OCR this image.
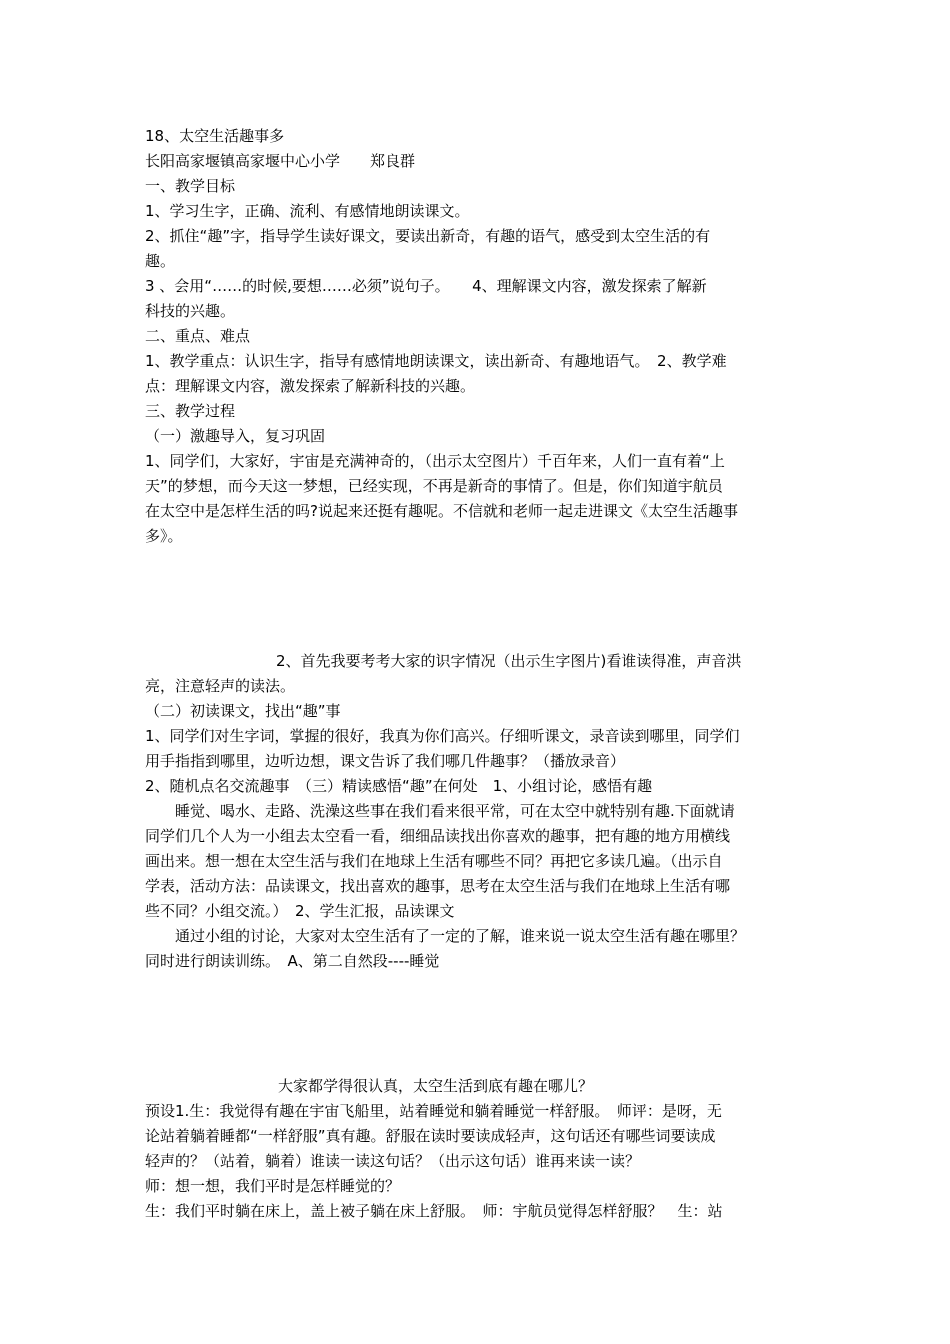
18、太空生活趣事多

长阳高家堰镇高家堰中心小学　　郑良群

一、教学目标

1、学习生字，正确、流利、有感情地朗读课文。

2、抓住“趣”字，指导学生读好课文，要读出新奇，有趣的语气，感受到太空生活的有

趣。

3 、会用“……的时候,要想……必须”说句子。　　4、理解课文内容，激发探索了解新

科技的兴趣。

二、重点、难点

1、教学重点：认识生字，指导有感情地朗读课文，读出新奇、有趣地语气。　2、教学难

点：理解课文内容，激发探索了解新科技的兴趣。

三、教学过程

（一）激趣导入，复习巩固

1、同学们，大家好，宇宙是充满神奇的，（出示太空图片）千百年来，人们一直有着“上

天”的梦想，而今天这一梦想，已经实现，不再是新奇的事情了。但是，你们知道宇航员

在太空中是怎样生活的吗?说起来还挺有趣呢。不信就和老师一起走进课文《太空生活趣事

多》。

2、首先我要考考大家的识字情况（出示生字图片)看谁读得准，声音洪

亮，注意轻声的读法。

（二）初读课文，找出“趣”事

1、同学们对生字词，掌握的很好，我真为你们高兴。仔细听课文，录音读到哪里，同学们

用手指指到哪里，边听边想，课文告诉了我们哪几件趣事？（播放录音）

2、随机点名交流趣事　（三）精读感悟“趣”在何处　1、小组讨论，感悟有趣

　睡觉、喝水、走路、洗澡这些事在我们看来很平常，可在太空中就特别有趣.下面就请

同学们几个人为一小组去太空看一看，细细品读找出你喜欢的趣事，把有趣的地方用横线

画出来。想一想在太空生活与我们在地球上生活有哪些不同？再把它多读几遍。（出示自

学表，活动方法：品读课文，找出喜欢的趣事，思考在太空生活与我们在地球上生活有哪

些不同？小组交流。）　2、学生汇报，品读课文

　通过小组的讨论，大家对太空生活有了一定的了解，谁来说一说太空生活有趣在哪里？

同时进行朗读训练。　A、第二自然段----睡觉

大家都学得很认真，太空生活到底有趣在哪儿？

预设1.生：我觉得有趣在宇宙飞船里，站着睡觉和躺着睡觉一样舒服。　师评：是呀，无

论站着躺着睡都“一样舒服”真有趣。舒服在读时要读成轻声，这句话还有哪些词要读成

轻声的？（站着，躺着）谁读一读这句话？（出示这句话）谁再来读一读？

师：想一想，我们平时是怎样睡觉的？

生：我们平时躺在床上，盖上被子躺在床上舒服。　师：宇航员觉得怎样舒服？　生：站
